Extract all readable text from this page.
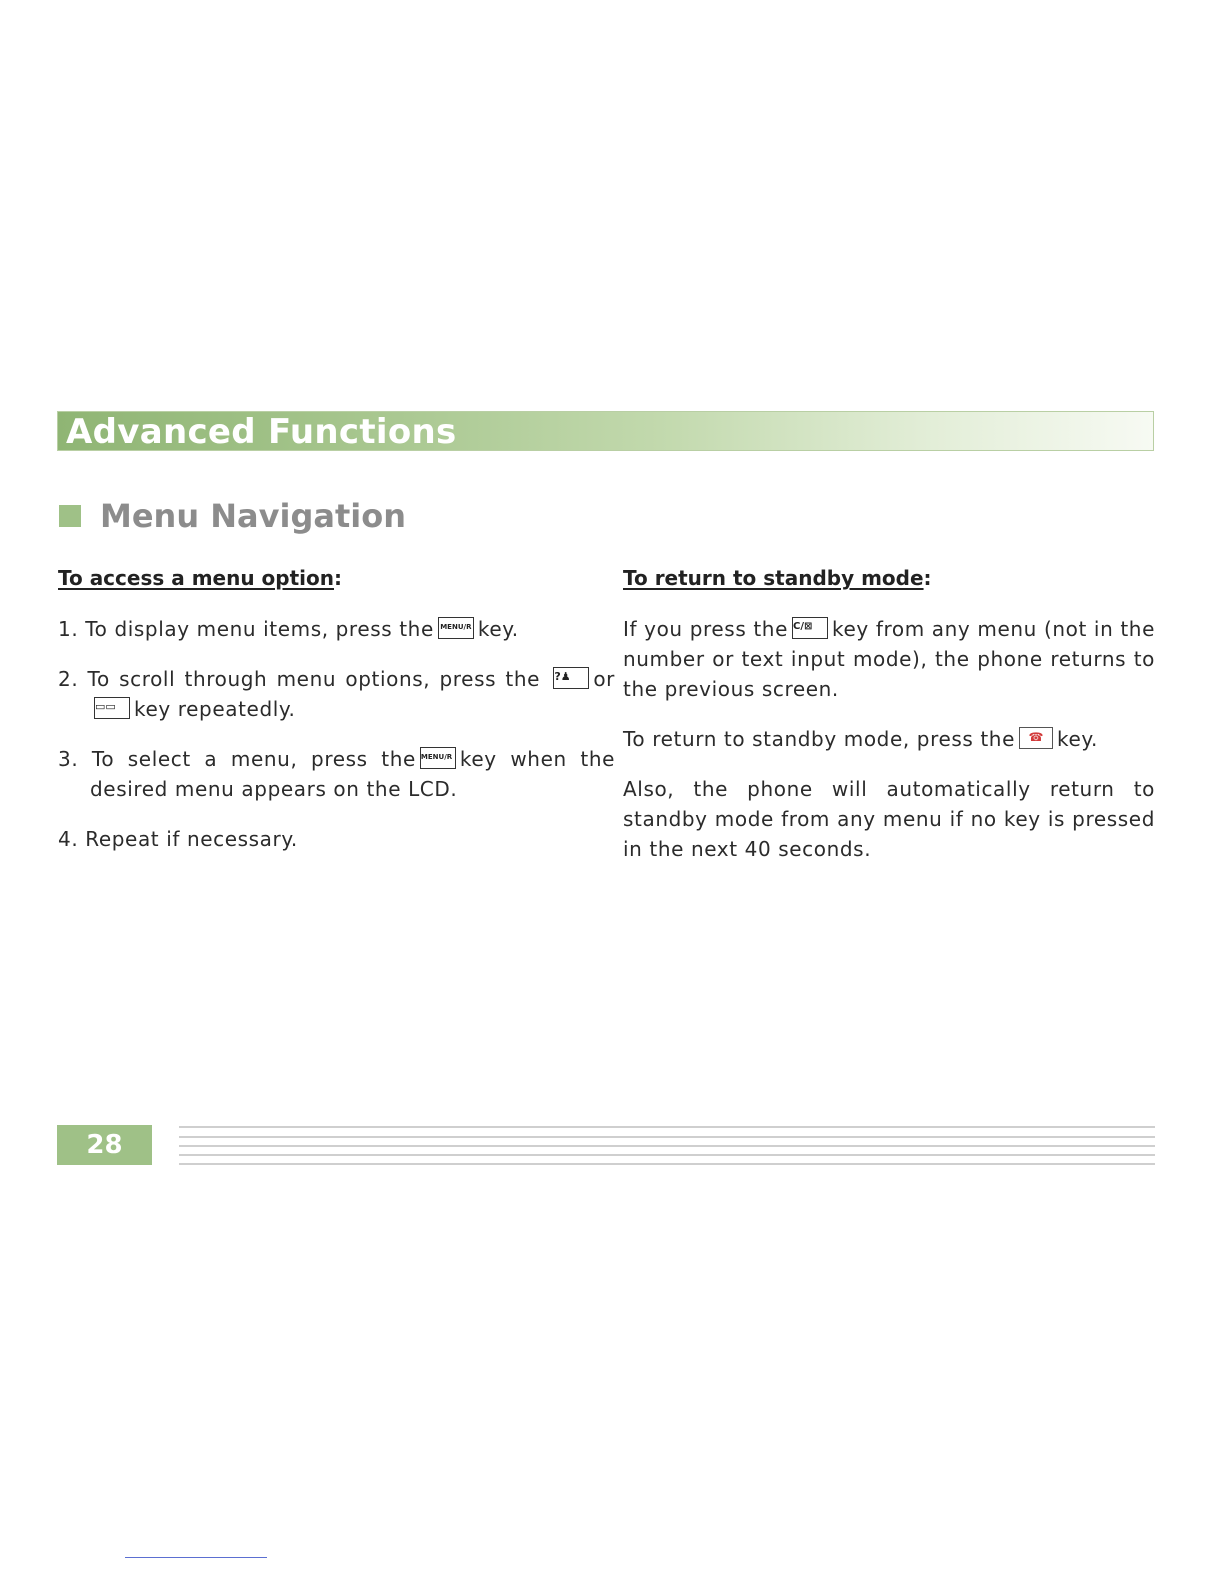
Advanced Functions
Menu Navigation
To access a menu option:
1. To display menu items, press the MENU/R key.
2. To scroll through menu options, press the ?♟ or▭▭ key repeatedly.
3. To select a menu, press the MENU/R key when the desired menu appears on the LCD.
4. Repeat if necessary.
To return to standby mode:
If you press the C/⊠ key from any menu (not in the number or text input mode), the phone returns to the previous screen.
To return to standby mode, press the ☎ key.
Also, the phone will automatically return to standby mode from any menu if no key is pressed in the next 40 seconds.
28
